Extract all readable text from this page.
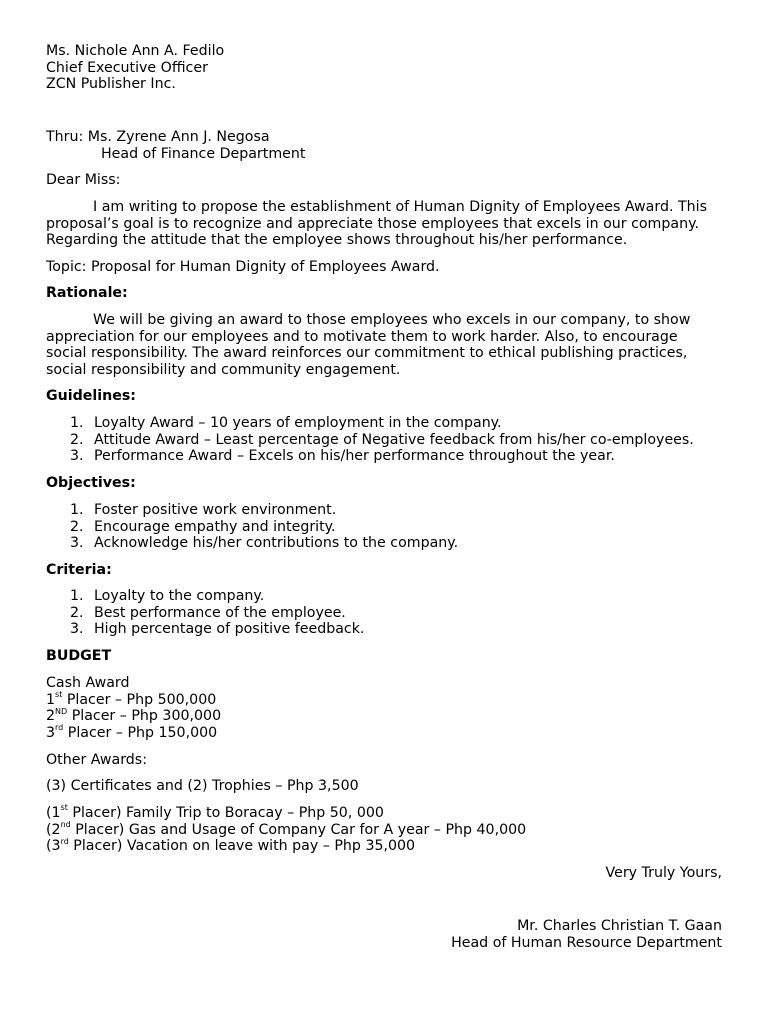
Ms. Nichole Ann A. Fedilo
Chief Executive Officer
ZCN Publisher Inc.
Thru: Ms. Zyrene Ann J. Negosa
Head of Finance Department
Dear Miss:

I am writing to propose the establishment of Human Dignity of Employees Award. This proposal’s goal is to recognize and appreciate those employees that excels in our company. Regarding the attitude that the employee shows throughout his/her performance.

Topic: Proposal for Human Dignity of Employees Award.
Rationale:

We will be giving an award to those employees who excels in our company, to show appreciation for our employees and to motivate them to work harder. Also, to encourage social responsibility. The award reinforces our commitment to ethical publishing practices, social responsibility and community engagement.

Guidelines:
1. Loyalty Award – 10 years of employment in the company.
2. Attitude Award – Least percentage of Negative feedback from his/her co-employees.
3. Performance Award – Excels on his/her performance throughout the year.
Objectives:
1. Foster positive work environment.
2. Encourage empathy and integrity.
3. Acknowledge his/her contributions to the company.
Criteria:
1. Loyalty to the company.
2. Best performance of the employee.
3. High percentage of positive feedback.
BUDGET
Cash Award
1st Placer – Php 500,000
2ND Placer – Php 300,000
3rd Placer – Php 150,000
Other Awards:
(3) Certificates and (2) Trophies – Php 3,500
(1st Placer) Family Trip to Boracay – Php 50, 000
(2nd Placer) Gas and Usage of Company Car for A year – Php 40,000
(3rd Placer) Vacation on leave with pay – Php 35,000
Very Truly Yours,
Mr. Charles Christian T. Gaan
Head of Human Resource Department
